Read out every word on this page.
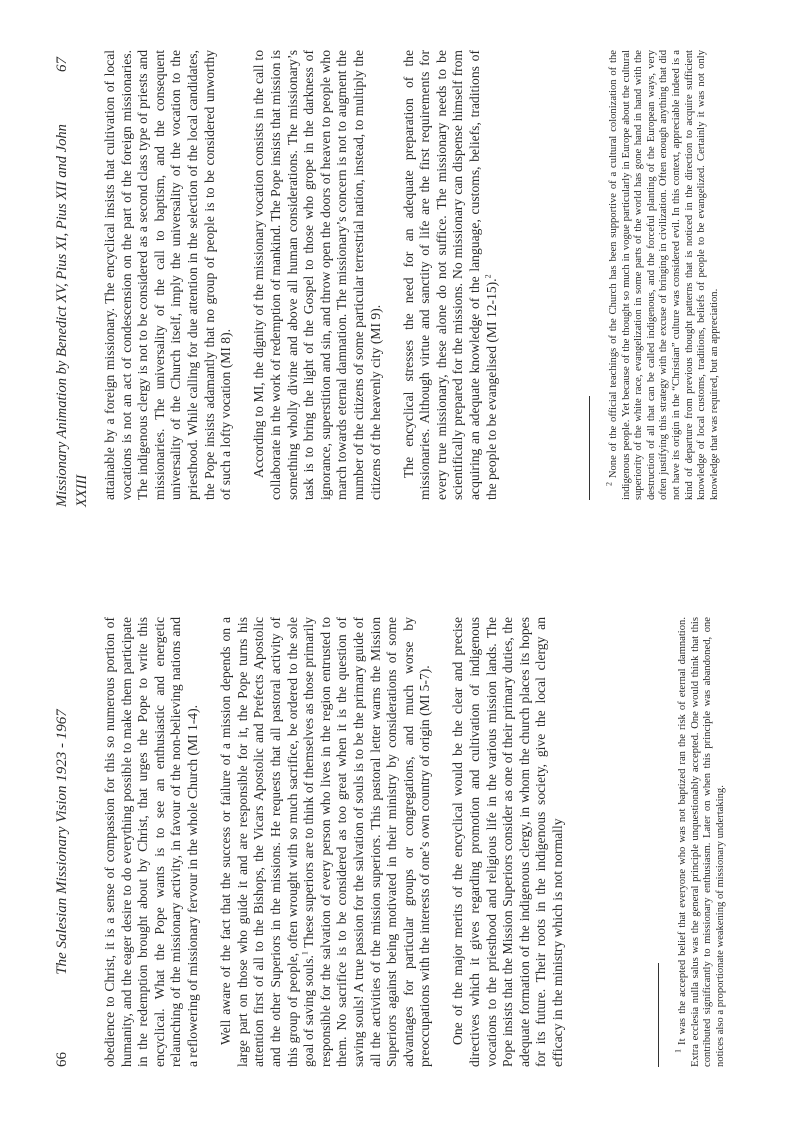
66
The Salesian Missionary Vision 1923 - 1967 obedience to Christ, it is a sense of compassion for this so numerous portion of humanity, and the eager desire to do everything possible to make them participate in the redemption brought about by Christ, that urges the Pope to write this encyclical. What the Pope wants is to see an enthusiastic and energetic relaunching of the missionary activity, in favour of the non-believing nations and a reflowering of missionary fervour in the whole Church (MI 1-4). Well aware of the fact that the success or failure of a mission depends on a large part on those who guide it and are responsible for it, the Pope turns his attention first of all to the Bishops, the Vicars Apostolic and Prefects Apostolic and the other Superiors in the missions. He requests that all pastoral activity of this group of people, often wrought with so much sacrifice, be ordered to the sole goal of saving souls.$^1$ These superiors are to think of themselves as those primarily responsible for the salvation of every person who lives in the region entrusted to them. No sacrifice is to be considered as too great when it is the question of saving souls! A true passion for the salvation of souls is to be the primary guide of all the activities of the mission superiors. This pastoral letter warns the Mission Superiors against being motivated in their ministry by considerations of some advantages for particular groups or congregations, and much worse by preoccupations with the interests of one’s own country of origin (MI 5-7). One of the major merits of the encyclical would be the clear and precise directives which it gives regarding promotion and cultivation of indigenous vocations to the priesthood and religious life in the various mission lands. The Pope insists that the Mission Superiors consider as one of their primary duties, the adequate formation of the indigenous clergy, in whom the church places its hopes for its future. Their roots in the indigenous society, give the local clergy an efficacy in the ministry which is not normally	$^1$ It was the accepted belief that everyone who was not baptized ran the risk of eternal damnation. Extra ecclesia nulla salus was the general principle unquestionably accepted. One would think that this contributed significantly to missionary enthusiasm. Later on when this principle was abandoned, one notices also a proportionate weakening of missionary undertaking.

Missionary Animation by Benedict XV, Pius XI, Pius XII and John XXIII
67 attainable by a foreign missionary. The encyclical insists that cultivation of local vocations is not an act of condescension on the part of the foreign missionaries. The indigenous clergy is not to be considered as a second class type of priests and missionaries. The universality of the call to baptism, and the consequent universality of the Church itself, imply the universality of the vocation to the priesthood. While calling for due attention in the selection of the local candidates, the Pope insists adamantly that no group of people is to be considered unworthy of such a lofty vocation (MI 8). According to MI, the dignity of the missionary vocation consists in the call to collaborate in the work of redemption of mankind. The Pope insists that mission is something wholly divine and above all human considerations. The missionary’s task is to bring the light of the Gospel to those who grope in the darkness of ignorance, superstition and sin, and throw open the doors of heaven to people who march towards eternal damnation. The missionary’s concern is not to augment the number of the citizens of some particular terrestrial nation, instead, to multiply the citizens of the heavenly city (MI 9). The encyclical stresses the need for an adequate preparation of the missionaries. Although virtue and sanctity of life are the first requirements for every true missionary, these alone do not suffice. The missionary needs to be scientifically prepared for the missions. No missionary can dispense himself from acquiring an adequate knowledge of the language, customs, beliefs, traditions of the people to be evangelised (MI 12-15).$^2$

$^2$ None of the official teachings of the Church has been supportive of a cultural colonization of the indigenous people. Yet because of the thought so much in vogue particularly in Europe about the cultural superiority of the white race, evangelization in some parts of the world has gone hand in hand with the destruction of all that can be called indigenous, and the forceful planting of the European ways, very often justifying this strategy with the excuse of bringing in civilization. Often enough anything that did not have its origin in the “Christian” culture was considered evil. In this context, appreciable indeed is a kind of departure from previous thought patterns that is noticed in the direction to acquire sufficient knowledge of local customs, traditions, beliefs of people to be evangelized. Certainly it was not only knowledge that was required, but an appreciation.
